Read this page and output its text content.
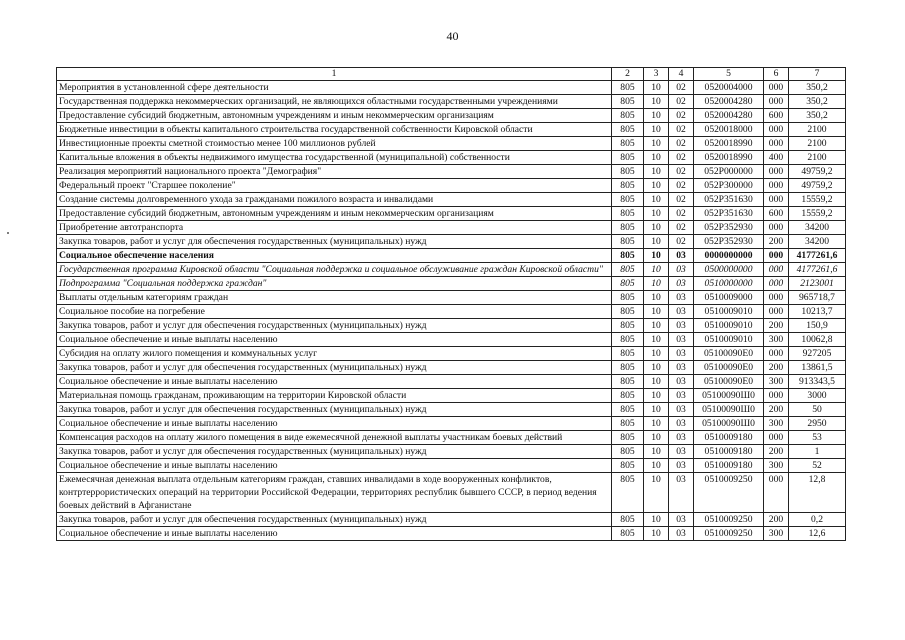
40
1	2	3	4	5	6	7
Мероприятия в установленной сфере деятельности	805	10	02	0520004000	000	350,2
Государственная поддержка некоммерческих организаций, не являющихся областными государственными учреждениями	805	10	02	0520004280	000	350,2
Предоставление субсидий бюджетным, автономным учреждениям и иным некоммерческим организациям	805	10	02	0520004280	600	350,2
Бюджетные инвестиции в объекты капитального строительства государственной собственности Кировской области	805	10	02	0520018000	000	2100
Инвестиционные проекты сметной стоимостью менее 100 миллионов рублей	805	10	02	0520018990	000	2100
Капитальные вложения в объекты недвижимого имущества государственной (муниципальной) собственности	805	10	02	0520018990	400	2100
Реализация мероприятий национального проекта "Демография"	805	10	02	052P000000	000	49759,2
Федеральный проект "Старшее поколение"	805	10	02	052P300000	000	49759,2
Создание системы долговременного ухода за гражданами пожилого возраста и инвалидами	805	10	02	052P351630	000	15559,2
Предоставление субсидий бюджетным, автономным учреждениям и иным некоммерческим организациям	805	10	02	052P351630	600	15559,2
Приобретение автотранспорта	805	10	02	052P352930	000	34200
Закупка товаров, работ и услуг для обеспечения государственных (муниципальных) нужд	805	10	02	052P352930	200	34200
Социальное обеспечение населения	805	10	03	0000000000	000	4177261,6
Государственная программа Кировской области "Социальная поддержка и социальное обслуживание граждан Кировской области"	805	10	03	0500000000	000	4177261,6
Подпрограмма "Социальная поддержка граждан"	805	10	03	0510000000	000	2123001
Выплаты отдельным категориям граждан	805	10	03	0510009000	000	965718,7
Социальное пособие на погребение	805	10	03	0510009010	000	10213,7
Закупка товаров, работ и услуг для обеспечения государственных (муниципальных) нужд	805	10	03	0510009010	200	150,9
Социальное обеспечение и иные выплаты населению	805	10	03	0510009010	300	10062,8
Субсидия на оплату жилого помещения и коммунальных услуг	805	10	03	05100090E0	000	927205
Закупка товаров, работ и услуг для обеспечения государственных (муниципальных) нужд	805	10	03	05100090E0	200	13861,5
Социальное обеспечение и иные выплаты населению	805	10	03	05100090E0	300	913343,5
Материальная помощь гражданам, проживающим на территории Кировской области	805	10	03	05100090Ш0	000	3000
Закупка товаров, работ и услуг для обеспечения государственных (муниципальных) нужд	805	10	03	05100090Ш0	200	50
Социальное обеспечение и иные выплаты населению	805	10	03	05100090Ш0	300	2950
Компенсация расходов на оплату жилого помещения в виде ежемесячной денежной выплаты участникам боевых действий	805	10	03	0510009180	000	53
Закупка товаров, работ и услуг для обеспечения государственных (муниципальных) нужд	805	10	03	0510009180	200	1
Социальное обеспечение и иные выплаты населению	805	10	03	0510009180	300	52
Ежемесячная денежная выплата отдельным категориям граждан, ставших инвалидами в ходе вооруженных конфликтов, контртеррористических операций на территории Российской Федерации, территориях республик бывшего СССР, в период ведения боевых действий в Афганистане	805	10	03	0510009250	000	12,8
Закупка товаров, работ и услуг для обеспечения государственных (муниципальных) нужд	805	10	03	0510009250	200	0,2
Социальное обеспечение и иные выплаты населению	805	10	03	0510009250	300	12,6
